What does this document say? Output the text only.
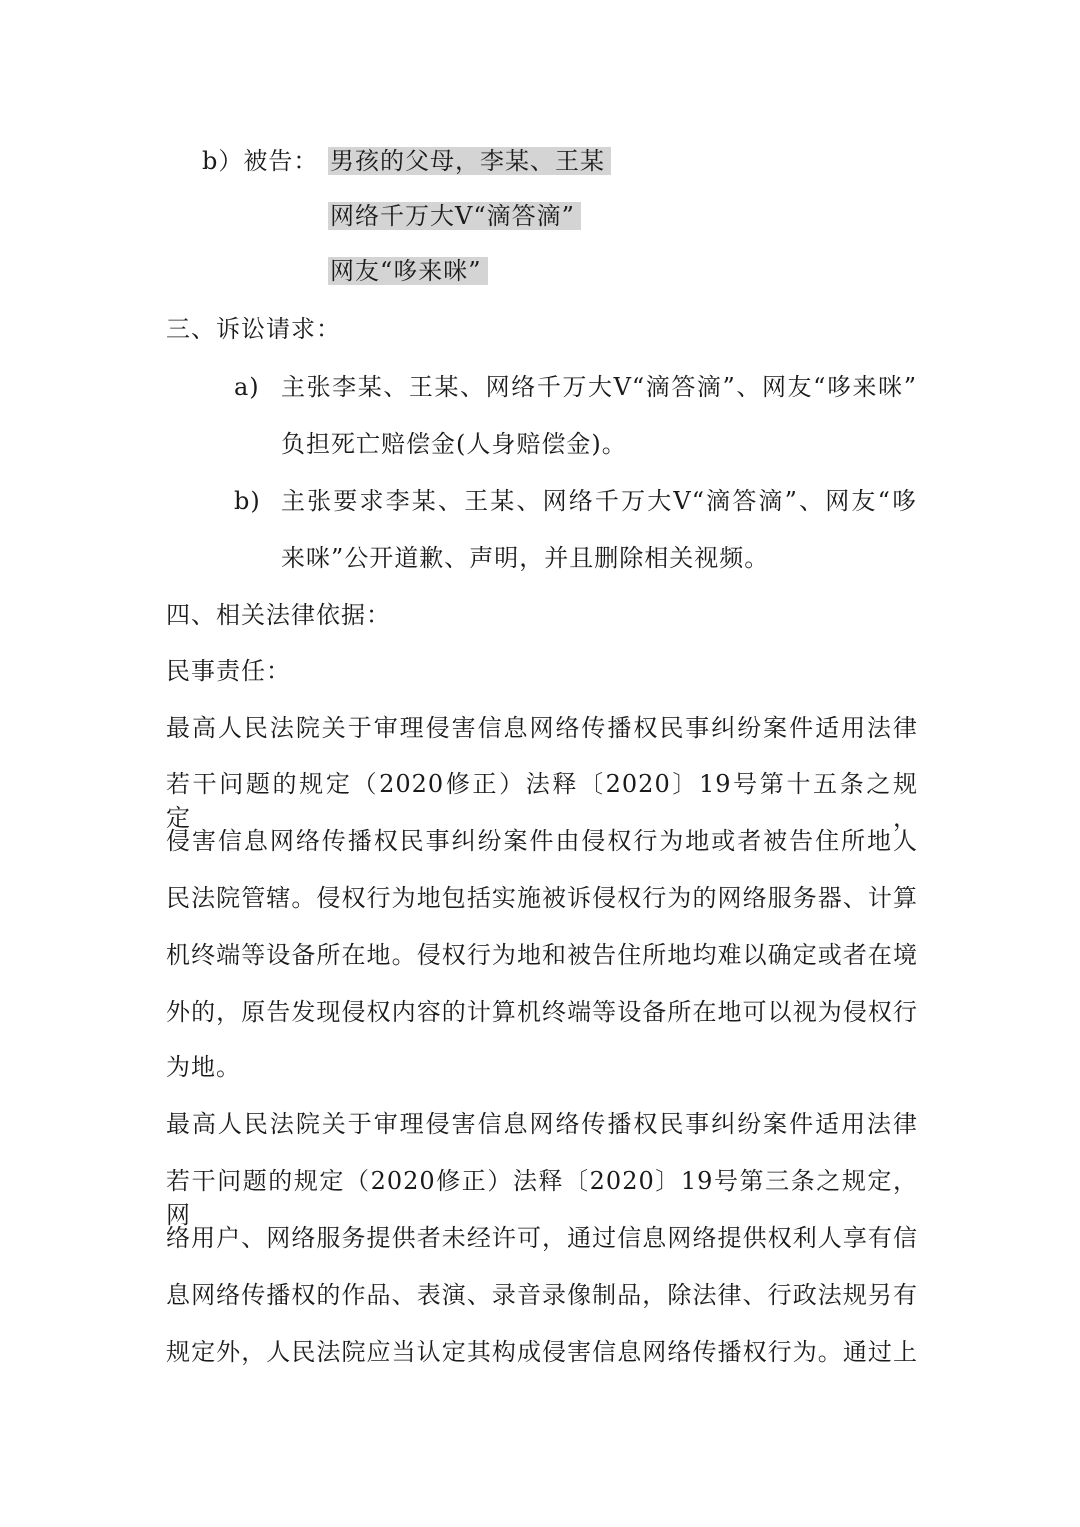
b）被告： 男孩的父母，李某、王某
网络千万大V“滴答滴”
网友“哆来咪”
三、诉讼请求：
a) 主张李某、王某、网络千万大V“滴答滴”、网友“哆来咪”
负担死亡赔偿金(人身赔偿金)。
b) 主张要求李某、王某、网络千万大V“滴答滴”、网友“哆
来咪”公开道歉、声明，并且删除相关视频。
四、相关法律依据：
民事责任：
最高人民法院关于审理侵害信息网络传播权民事纠纷案件适用法律
若干问题的规定（2020修正）法释〔2020〕19号第十五条之规定，
侵害信息网络传播权民事纠纷案件由侵权行为地或者被告住所地人
民法院管辖。侵权行为地包括实施被诉侵权行为的网络服务器、计算
机终端等设备所在地。侵权行为地和被告住所地均难以确定或者在境
外的，原告发现侵权内容的计算机终端等设备所在地可以视为侵权行
为地。
最高人民法院关于审理侵害信息网络传播权民事纠纷案件适用法律
若干问题的规定（2020修正）法释〔2020〕19号第三条之规定，网
络用户、网络服务提供者未经许可，通过信息网络提供权利人享有信
息网络传播权的作品、表演、录音录像制品，除法律、行政法规另有
规定外，人民法院应当认定其构成侵害信息网络传播权行为。通过上
